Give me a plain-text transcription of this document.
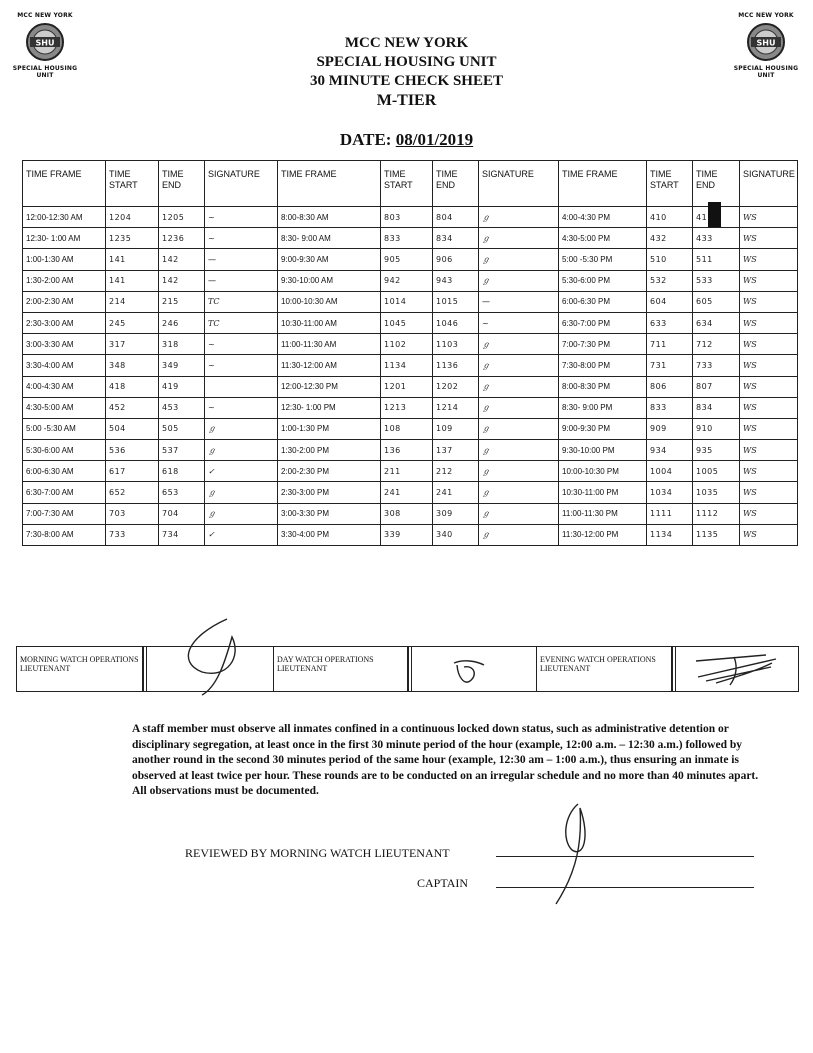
MCC NEW YORK
SHU
SPECIAL HOUSING UNIT
MCC NEW YORK
SHU
SPECIAL HOUSING UNIT
MCC NEW YORK
SPECIAL HOUSING UNIT
30 MINUTE CHECK SHEET
M-TIER
DATE: 08/01/2019
TIME FRAME	TIME START	TIME END	SIGNATURE	TIME FRAME	TIME START	TIME END	SIGNATURE	TIME FRAME	TIME START	TIME END	SIGNATURE
12:00-12:30 AM	1204	1205	~	8:00-8:30 AM	803	804	ℊ	4:00-4:30 PM	410	41	WS
12:30- 1:00 AM	1235	1236	~	8:30- 9:00 AM	833	834	ℊ	4:30-5:00 PM	432	433	WS
1:00-1:30 AM	141	142	—	9:00-9:30 AM	905	906	ℊ	5:00 -5:30 PM	510	511	WS
1:30-2:00 AM	141	142	—	9:30-10:00 AM	942	943	ℊ	5:30-6:00 PM	532	533	WS
2:00-2:30 AM	214	215	TC	10:00-10:30 AM	1014	1015	—	6:00-6:30 PM	604	605	WS
2:30-3:00 AM	245	246	TC	10:30-11:00 AM	1045	1046	~	6:30-7:00 PM	633	634	WS
3:00-3:30 AM	317	318	~	11:00-11:30 AM	1102	1103	ℊ	7:00-7:30 PM	711	712	WS
3:30-4:00 AM	348	349	~	11:30-12:00 AM	1134	1136	ℊ	7:30-8:00 PM	731	733	WS
4:00-4:30 AM	418	419		12:00-12:30 PM	1201	1202	ℊ	8:00-8:30 PM	806	807	WS
4:30-5:00 AM	452	453	~	12:30- 1:00 PM	1213	1214	ℊ	8:30- 9:00 PM	833	834	WS
5:00 -5:30 AM	504	505	ℊ	1:00-1:30 PM	108	109	ℊ	9:00-9:30 PM	909	910	WS
5:30-6:00 AM	536	537	ℊ	1:30-2:00 PM	136	137	ℊ	9:30-10:00 PM	934	935	WS
6:00-6:30 AM	617	618	✓	2:00-2:30 PM	211	212	ℊ	10:00-10:30 PM	1004	1005	WS
6:30-7:00 AM	652	653	ℊ	2:30-3:00 PM	241	241	ℊ	10:30-11:00 PM	1034	1035	WS
7:00-7:30 AM	703	704	ℊ	3:00-3:30 PM	308	309	ℊ	11:00-11:30 PM	1111	1112	WS
7:30-8:00 AM	733	734	✓	3:30-4:00 PM	339	340	ℊ	11:30-12:00 PM	1134	1135	WS
MORNING WATCH OPERATIONS LIEUTENANT
DAY WATCH OPERATIONS LIEUTENANT
EVENING WATCH OPERATIONS LIEUTENANT
A staff member must observe all inmates confined in a continuous locked down status, such as administrative detention or disciplinary segregation, at least once in the first 30 minute period of the hour (example, 12:00 a.m. – 12:30 a.m.) followed by another round in the second 30 minutes period of the same hour (example, 12:30 am – 1:00 a.m.), thus ensuring an inmate is observed at least twice per hour. These rounds are to be conducted on an irregular schedule and no more than 40 minutes apart. All observations must be documented.
REVIEWED BY MORNING WATCH LIEUTENANT
CAPTAIN
